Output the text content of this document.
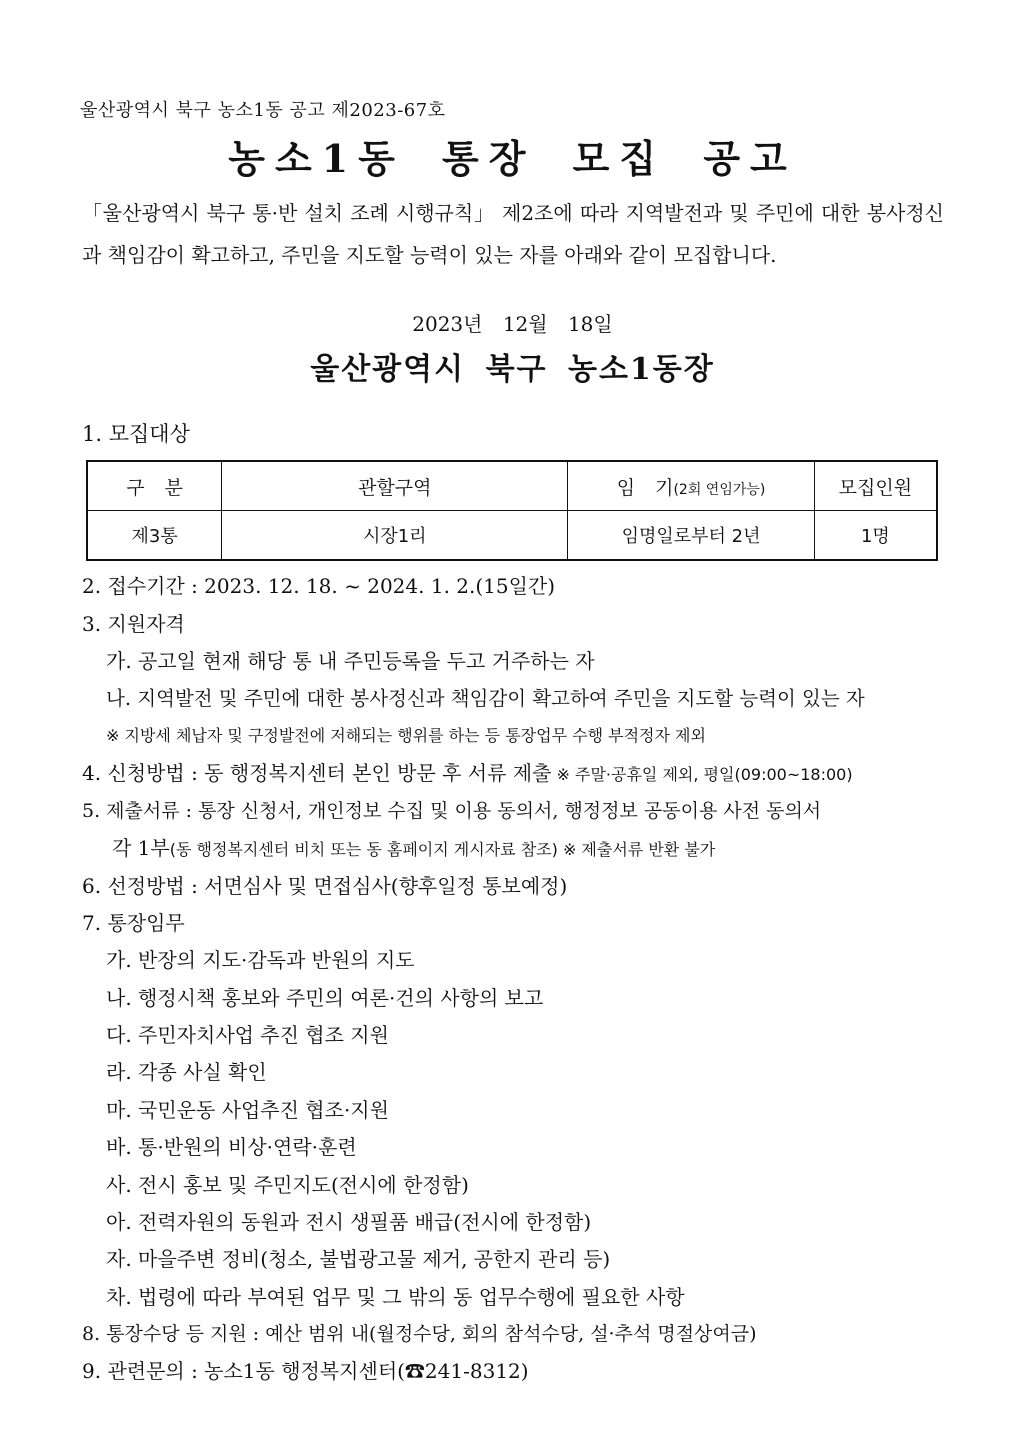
울산광역시 북구 농소1동 공고 제2023-67호
농소1동 통장 모집 공고
「울산광역시 북구 통·반 설치 조례 시행규칙」 제2조에 따라 지역발전과 및 주민에 대한 봉사정신과 책임감이 확고하고, 주민을 지도할 능력이 있는 자를 아래와 같이 모집합니다.
2023년 12월 18일
울산광역시 북구 농소1동장
1. 모집대상
구 분	관할구역	임 기(2회 연임가능)	모집인원
제3통	시장1리	임명일로부터 2년	1명
2. 접수기간 : 2023. 12. 18. ~ 2024. 1. 2.(15일간)
3. 지원자격
가. 공고일 현재 해당 통 내 주민등록을 두고 거주하는 자
나. 지역발전 및 주민에 대한 봉사정신과 책임감이 확고하여 주민을 지도할 능력이 있는 자
※ 지방세 체납자 및 구정발전에 저해되는 행위를 하는 등 통장업무 수행 부적정자 제외
4. 신청방법 : 동 행정복지센터 본인 방문 후 서류 제출 ※ 주말·공휴일 제외, 평일(09:00~18:00)
5. 제출서류 : 통장 신청서, 개인정보 수집 및 이용 동의서, 행정정보 공동이용 사전 동의서
각 1부(동 행정복지센터 비치 또는 동 홈페이지 게시자료 참조) ※ 제출서류 반환 불가
6. 선정방법 : 서면심사 및 면접심사(향후일정 통보예정)
7. 통장임무
가. 반장의 지도·감독과 반원의 지도
나. 행정시책 홍보와 주민의 여론·건의 사항의 보고
다. 주민자치사업 추진 협조 지원
라. 각종 사실 확인
마. 국민운동 사업추진 협조·지원
바. 통·반원의 비상·연락·훈련
사. 전시 홍보 및 주민지도(전시에 한정함)
아. 전력자원의 동원과 전시 생필품 배급(전시에 한정함)
자. 마을주변 정비(청소, 불법광고물 제거, 공한지 관리 등)
차. 법령에 따라 부여된 업무 및 그 밖의 동 업무수행에 필요한 사항
8. 통장수당 등 지원 : 예산 범위 내(월정수당, 회의 참석수당, 설·추석 명절상여금)
9. 관련문의 : 농소1동 행정복지센터(☎241-8312)
